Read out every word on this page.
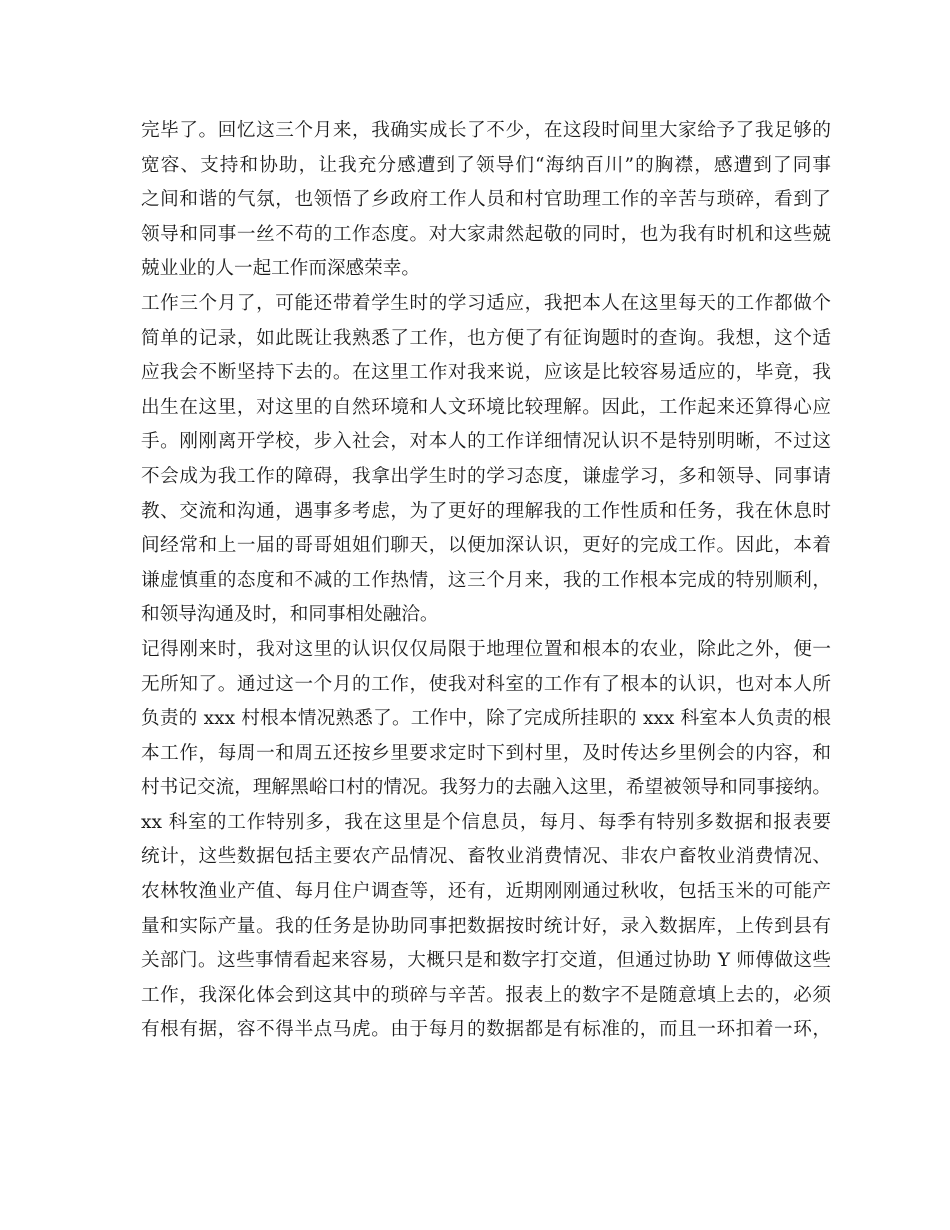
完毕了。回忆这三个月来，我确实成长了不少，在这段时间里大家给予了我足够的
宽容、支持和协助，让我充分感遭到了领导们“海纳百川”的胸襟，感遭到了同事
之间和谐的气氛，也领悟了乡政府工作人员和村官助理工作的辛苦与琐碎，看到了
领导和同事一丝不苟的工作态度。对大家肃然起敬的同时，也为我有时机和这些兢
兢业业的人一起工作而深感荣幸。
工作三个月了，可能还带着学生时的学习适应，我把本人在这里每天的工作都做个
简单的记录，如此既让我熟悉了工作，也方便了有征询题时的查询。我想，这个适
应我会不断坚持下去的。在这里工作对我来说，应该是比较容易适应的，毕竟，我
出生在这里，对这里的自然环境和人文环境比较理解。因此，工作起来还算得心应
手。刚刚离开学校，步入社会，对本人的工作详细情况认识不是特别明晰，不过这
不会成为我工作的障碍，我拿出学生时的学习态度，谦虚学习，多和领导、同事请
教、交流和沟通，遇事多考虑，为了更好的理解我的工作性质和任务，我在休息时
间经常和上一届的哥哥姐姐们聊天，以便加深认识，更好的完成工作。因此，本着
谦虚慎重的态度和不减的工作热情，这三个月来，我的工作根本完成的特别顺利，
和领导沟通及时，和同事相处融洽。
记得刚来时，我对这里的认识仅仅局限于地理位置和根本的农业，除此之外，便一
无所知了。通过这一个月的工作，使我对科室的工作有了根本的认识，也对本人所
负责的 xxx 村根本情况熟悉了。工作中，除了完成所挂职的 xxx 科室本人负责的根
本工作，每周一和周五还按乡里要求定时下到村里，及时传达乡里例会的内容，和
村书记交流，理解黑峪口村的情况。我努力的去融入这里，希望被领导和同事接纳。
xx 科室的工作特别多，我在这里是个信息员，每月、每季有特别多数据和报表要
统计，这些数据包括主要农产品情况、畜牧业消费情况、非农户畜牧业消费情况、
农林牧渔业产值、每月住户调查等，还有，近期刚刚通过秋收，包括玉米的可能产
量和实际产量。我的任务是协助同事把数据按时统计好，录入数据库，上传到县有
关部门。这些事情看起来容易，大概只是和数字打交道，但通过协助 Y 师傅做这些
工作，我深化体会到这其中的琐碎与辛苦。报表上的数字不是随意填上去的，必须
有根有据，容不得半点马虎。由于每月的数据都是有标准的，而且一环扣着一环，
